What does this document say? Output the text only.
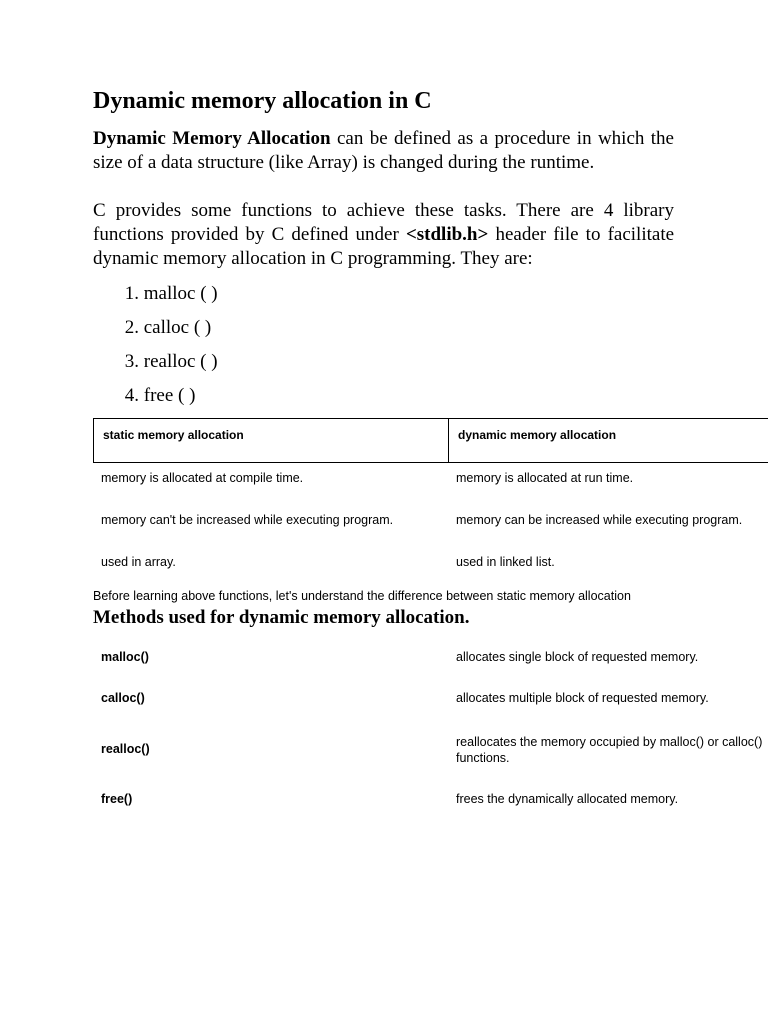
Dynamic memory allocation in C

Dynamic Memory Allocation can be defined as a procedure in which the size of a data structure (like Array) is changed during the runtime.

C provides some functions to achieve these tasks. There are 4 library functions provided by C defined under <stdlib.h> header file to facilitate dynamic memory allocation in C programming. They are:

1. malloc ( )
2. calloc ( )
3. realloc ( )
4. free ( )
static memory allocation	dynamic memory allocation
memory is allocated at compile time.	memory is allocated at run time.
memory can't be increased while executing program.	memory can be increased while executing program.
used in array.	used in linked list.
Before learning above functions, let's understand the difference between static memory allocation
Methods used for dynamic memory allocation.
malloc()	allocates single block of requested memory.
calloc()	allocates multiple block of requested memory.
realloc()	reallocates the memory occupied by malloc() or calloc() functions.
free()	frees the dynamically allocated memory.
